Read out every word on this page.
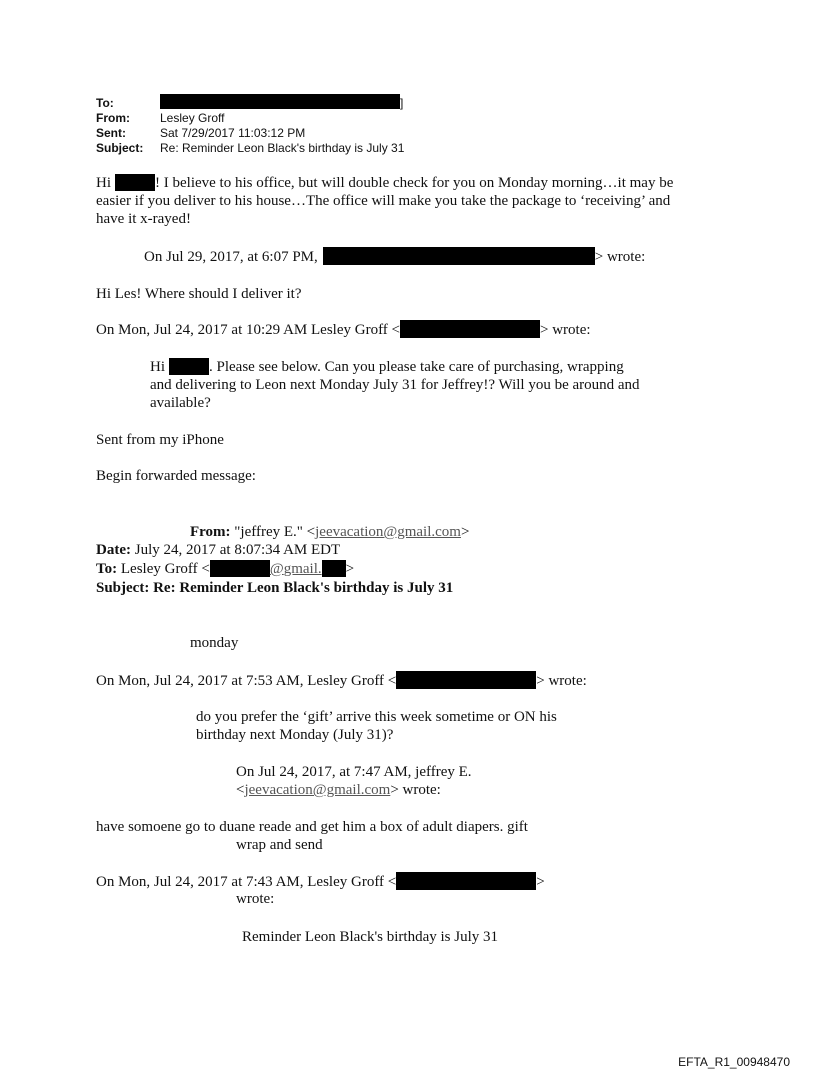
To:	]
From:	Lesley Groff
Sent:	Sat 7/29/2017 11:03:12 PM
Subject: Re: Reminder Leon Black's birthday is July 31
Hi	! I believe to his office, but will double check for you on Monday morning…it may be
easier if you deliver to his house…The office will make you take the package to ‘receiving’ and
have it x-rayed!
On Jul 29, 2017, at 6:07 PM,	> wrote:
Hi Les! Where should I deliver it?
On Mon, Jul 24, 2017 at 10:29 AM Lesley Groff <	> wrote:
Hi	. Please see below. Can you please take care of purchasing, wrapping
and delivering to Leon next Monday July 31 for Jeffrey!? Will you be around and
available?
Sent from my iPhone
Begin forwarded message:
From: "jeffrey E." <jeevacation@gmail.com>
Date: July 24, 2017 at 8:07:34 AM EDT
To: Lesley Groff <	@gmail. >
Subject: Re: Reminder Leon Black's birthday is July 31
monday
On Mon, Jul 24, 2017 at 7:53 AM, Lesley Groff <	> wrote:
do you prefer the ‘gift’ arrive this week sometime or ON his
birthday next Monday (July 31)?
On Jul 24, 2017, at 7:47 AM, jeffrey E.
<jeevacation@gmail.com> wrote:
have somoene go to duane reade and get him a box of adult diapers. gift
wrap and send
On Mon, Jul 24, 2017 at 7:43 AM, Lesley Groff <	>
wrote:
Reminder Leon Black's birthday is July 31
EFTA_R1_00948470
